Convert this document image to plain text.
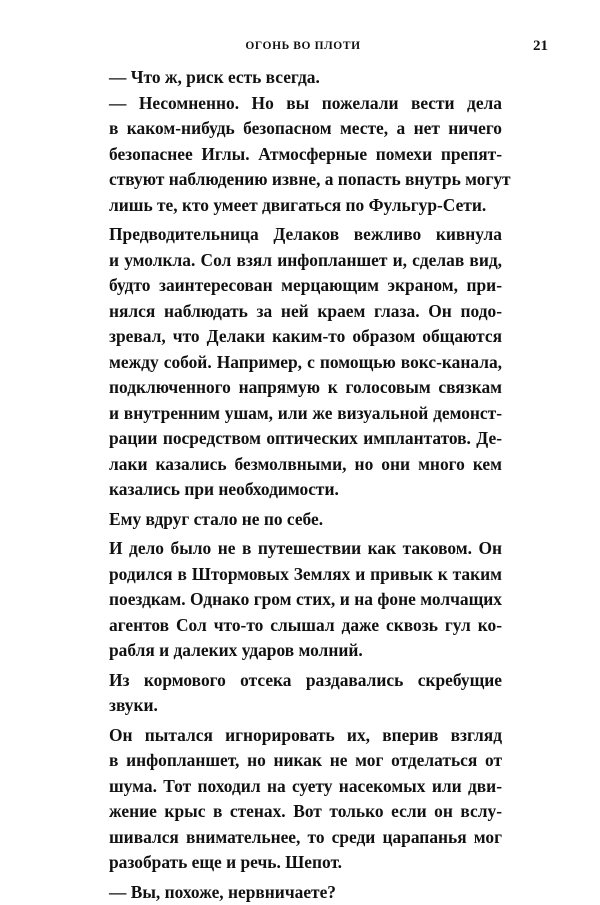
ОГОНЬ ВО ПЛОТИ	21

— Что ж, риск есть всегда.

— Несомненно. Но вы пожелали вести дела

в каком-нибудь безопасном месте, а нет ничего

безопаснее Иглы. Атмосферные помехи препят-

ствуют наблюдению извне, а попасть внутрь могут

лишь те, кто умеет двигаться по Фульгур-Сети.

Предводительница Делаков вежливо кивнула

и умолкла. Сол взял инфопланшет и, сделав вид,

будто заинтересован мерцающим экраном, при-

нялся наблюдать за ней краем глаза. Он подо-

зревал, что Делаки каким-то образом общаются

между собой. Например, с помощью вокс-канала,

подключенного напрямую к голосовым связкам

и внутренним ушам, или же визуальной демонст-

рации посредством оптических имплантатов. Де-

лаки казались безмолвными, но они много кем

казались при необходимости.

Ему вдруг стало не по себе.

И дело было не в путешествии как таковом. Он

родился в Штормовых Землях и привык к таким

поездкам. Однако гром стих, и на фоне молчащих

агентов Сол что-то слышал даже сквозь гул ко-

рабля и далеких ударов молний.

Из кормового отсека раздавались скребущие

звуки.

Он пытался игнорировать их, вперив взгляд

в инфопланшет, но никак не мог отделаться от

шума. Тот походил на суету насекомых или дви-

жение крыс в стенах. Вот только если он вслу-

шивался внимательнее, то среди царапанья мог

разобрать еще и речь. Шепот.

— Вы, похоже, нервничаете?
